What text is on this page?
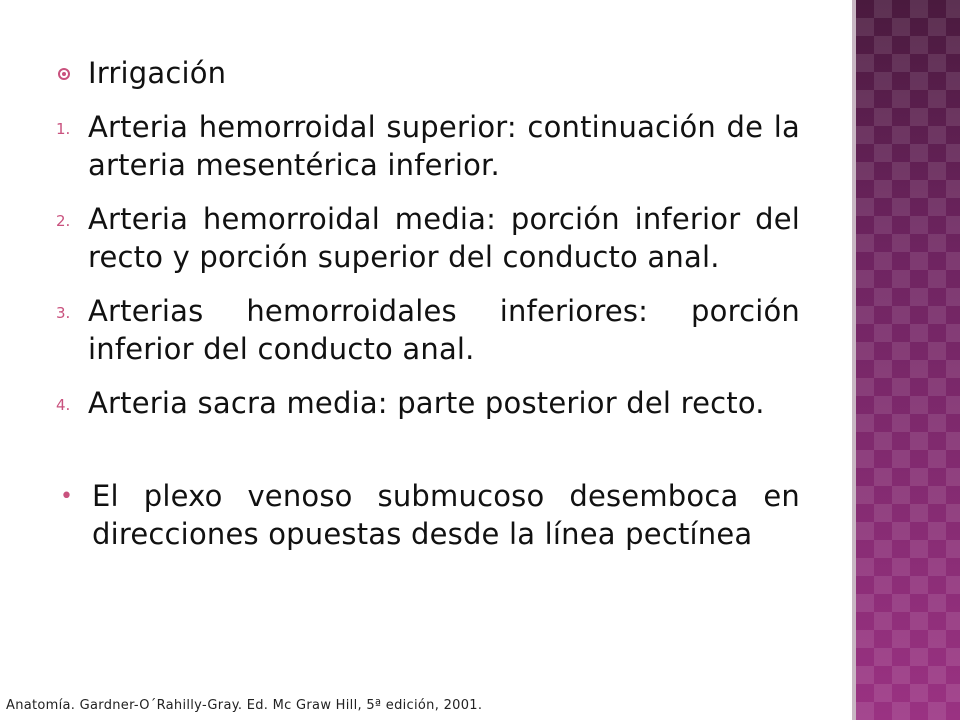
Irrigación
1. Arteria hemorroidal superior: continuación de la arteria mesentérica inferior.
2. Arteria hemorroidal media: porción inferior del recto y porción superior del conducto anal.
3. Arterias hemorroidales inferiores: porción inferior del conducto anal.
4. Arteria sacra media: parte posterior del recto.
• El plexo venoso submucoso desemboca en direcciones opuestas desde la línea pectínea
Anatomía. Gardner-O´Rahilly-Gray. Ed. Mc Graw Hill, 5ª edición, 2001.
